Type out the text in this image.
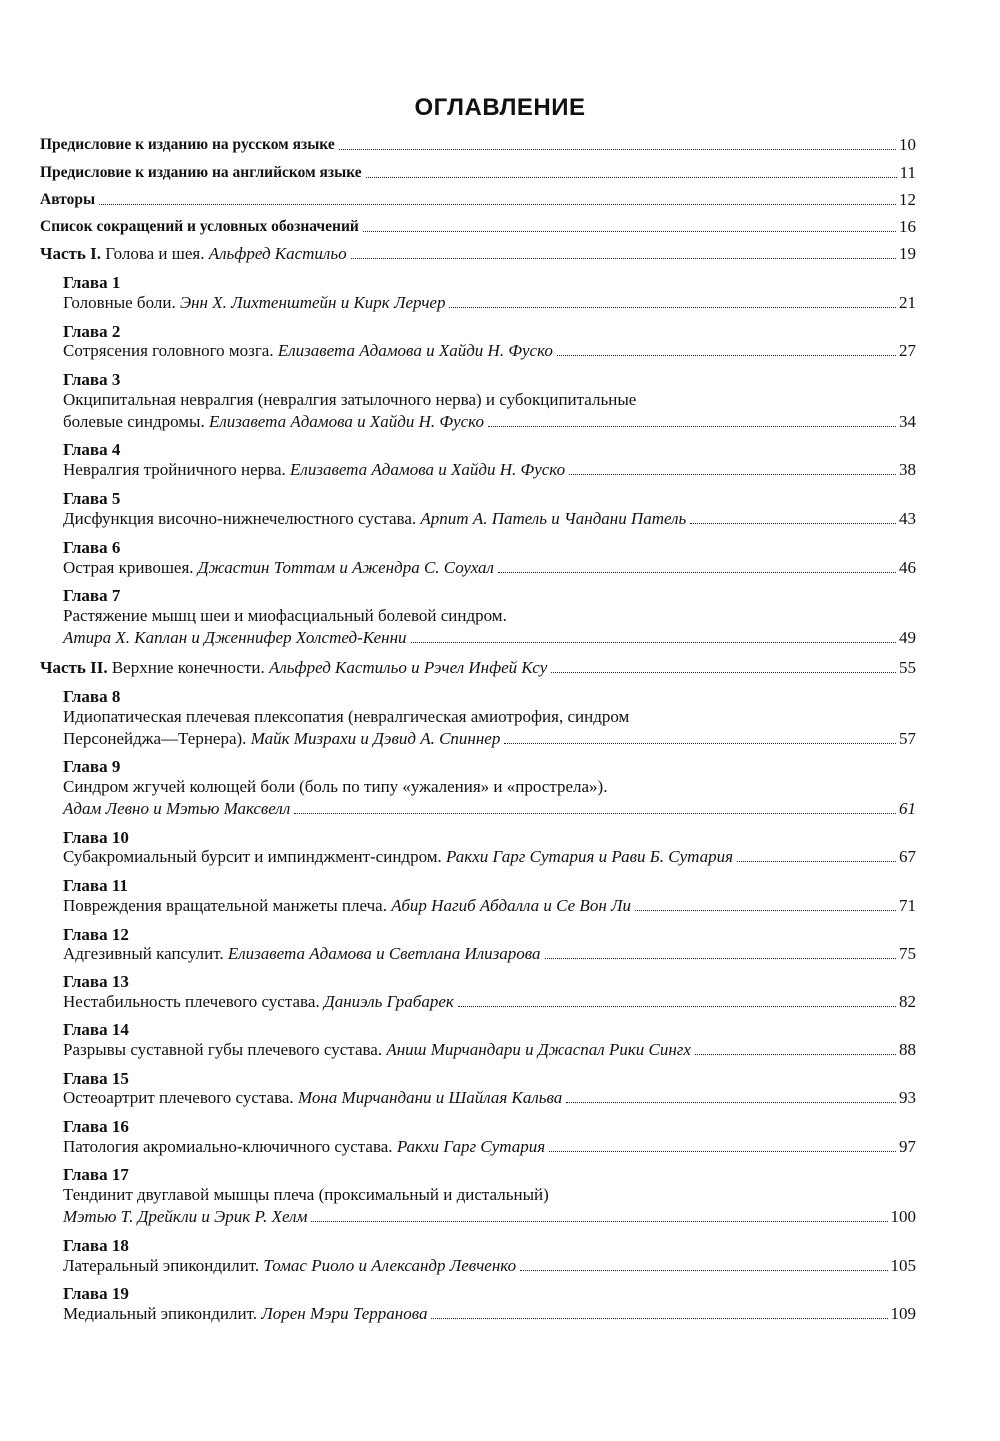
ОГЛАВЛЕНИЕ
Предисловие к изданию на русском языке	10
Предисловие к изданию на английском языке	11
Авторы	12
Список сокращений и условных обозначений	16
Часть I. Голова и шея. Альфред Кастильо	19
Глава 1
Головные боли. Энн Х. Лихтенштейн и Кирк Лерчер	21
Глава 2
Сотрясения головного мозга. Елизавета Адамова и Хайди Н. Фуско	27
Глава 3
Окципитальная невралгия (невралгия затылочного нерва) и субокципитальные
болевые синдромы. Елизавета Адамова и Хайди Н. Фуско	34
Глава 4
Невралгия тройничного нерва. Елизавета Адамова и Хайди Н. Фуско	38
Глава 5
Дисфункция височно-нижнечелюстного сустава. Арпит А. Патель и Чандани Патель	43
Глава 6
Острая кривошея. Джастин Тоттам и Ажендра С. Соухал	46
Глава 7
Растяжение мышц шеи и миофасциальный болевой синдром.
Атира Х. Каплан и Дженнифер Холстед-Кенни	49
Часть II. Верхние конечности. Альфред Кастильо и Рэчел Инфей Ксу	55
Глава 8
Идиопатическая плечевая плексопатия (невралгическая амиотрофия, синдром
Персонейджа—Тернера). Майк Мизрахи и Дэвид А. Спиннер	57
Глава 9
Синдром жгучей колющей боли (боль по типу «ужаления» и «прострела»).
Адам Левно и Мэтью Максвелл	61
Глава 10
Субакромиальный бурсит и импинджмент-синдром. Ракхи Гарг Сутария и Рави Б. Сутария	67
Глава 11
Повреждения вращательной манжеты плеча. Абир Нагиб Абдалла и Се Вон Ли	71
Глава 12
Адгезивный капсулит. Елизавета Адамова и Светлана Илизарова	75
Глава 13
Нестабильность плечевого сустава. Даниэль Грабарек	82
Глава 14
Разрывы суставной губы плечевого сустава. Аниш Мирчандари и Джаспал Рики Сингх	88
Глава 15
Остеоартрит плечевого сустава. Мона Мирчандани и Шайлая Кальва	93
Глава 16
Патология акромиально-ключичного сустава. Ракхи Гарг Сутария	97
Глава 17
Тендинит двуглавой мышцы плеча (проксимальный и дистальный)
Мэтью Т. Дрейкли и Эрик Р. Хелм	100
Глава 18
Латеральный эпикондилит. Томас Риоло и Александр Левченко	105
Глава 19
Медиальный эпикондилит. Лорен Мэри Терранова	109
